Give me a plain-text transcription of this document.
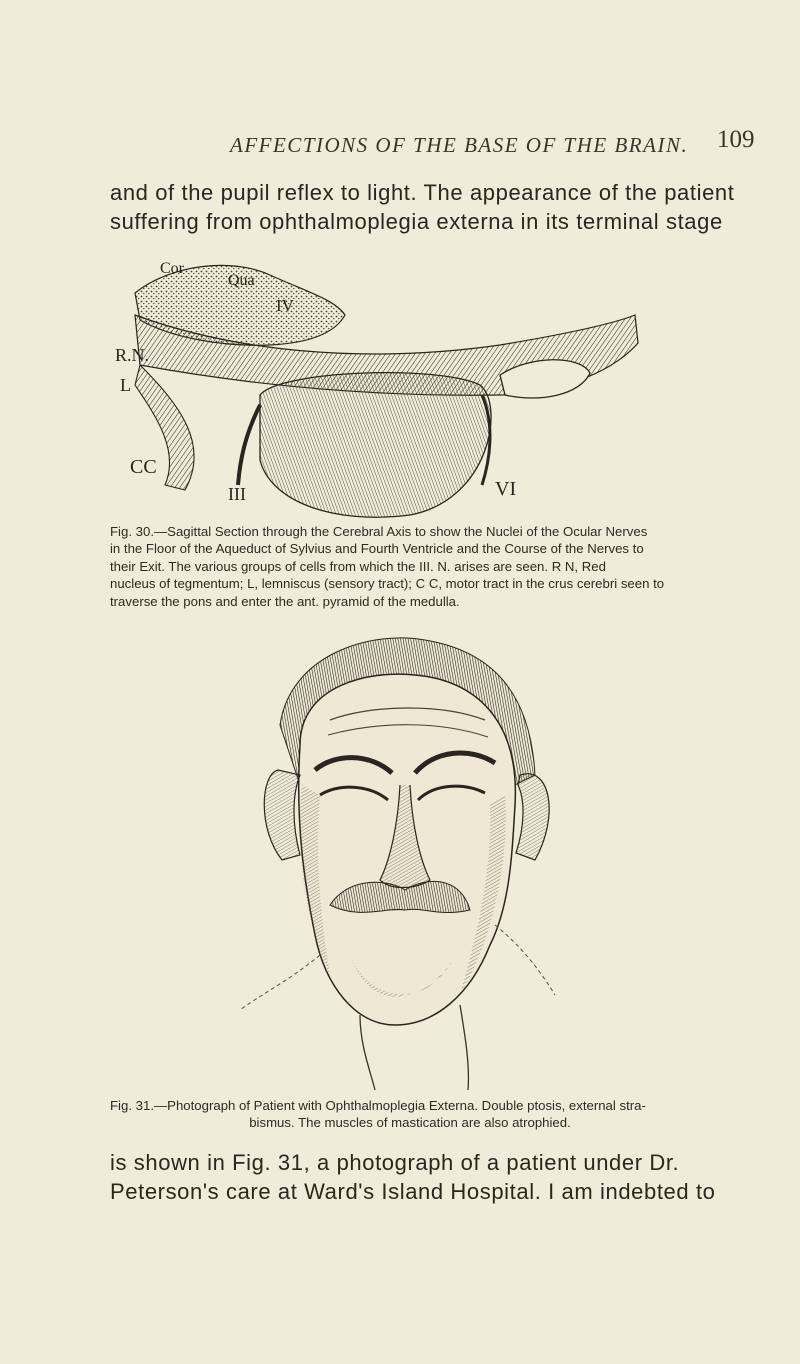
AFFECTIONS OF THE BASE OF THE BRAIN. 109
and of the pupil reflex to light. The appearance of the patient
suffering from ophthalmoplegia externa in its terminal stage
Cor
Qua
IV
R.N.
L
CC
III	VI
Fig. 30.—Sagittal Section through the Cerebral Axis to show the Nuclei of the Ocular Nerves
in the Floor of the Aqueduct of Sylvius and Fourth Ventricle and the Course of the Nerves to
their Exit. The various groups of cells from which the III. N. arises are seen. R N, Red
nucleus of tegmentum; L, lemniscus (sensory tract); C C, motor tract in the crus cerebri seen to
traverse the pons and enter the ant. pyramid of the medulla.
Fig. 31.—Photograph of Patient with Ophthalmoplegia Externa. Double ptosis, external stra-
bismus. The muscles of mastication are also atrophied.
is shown in Fig. 31, a photograph of a patient under Dr.
Peterson's care at Ward's Island Hospital. I am indebted to
